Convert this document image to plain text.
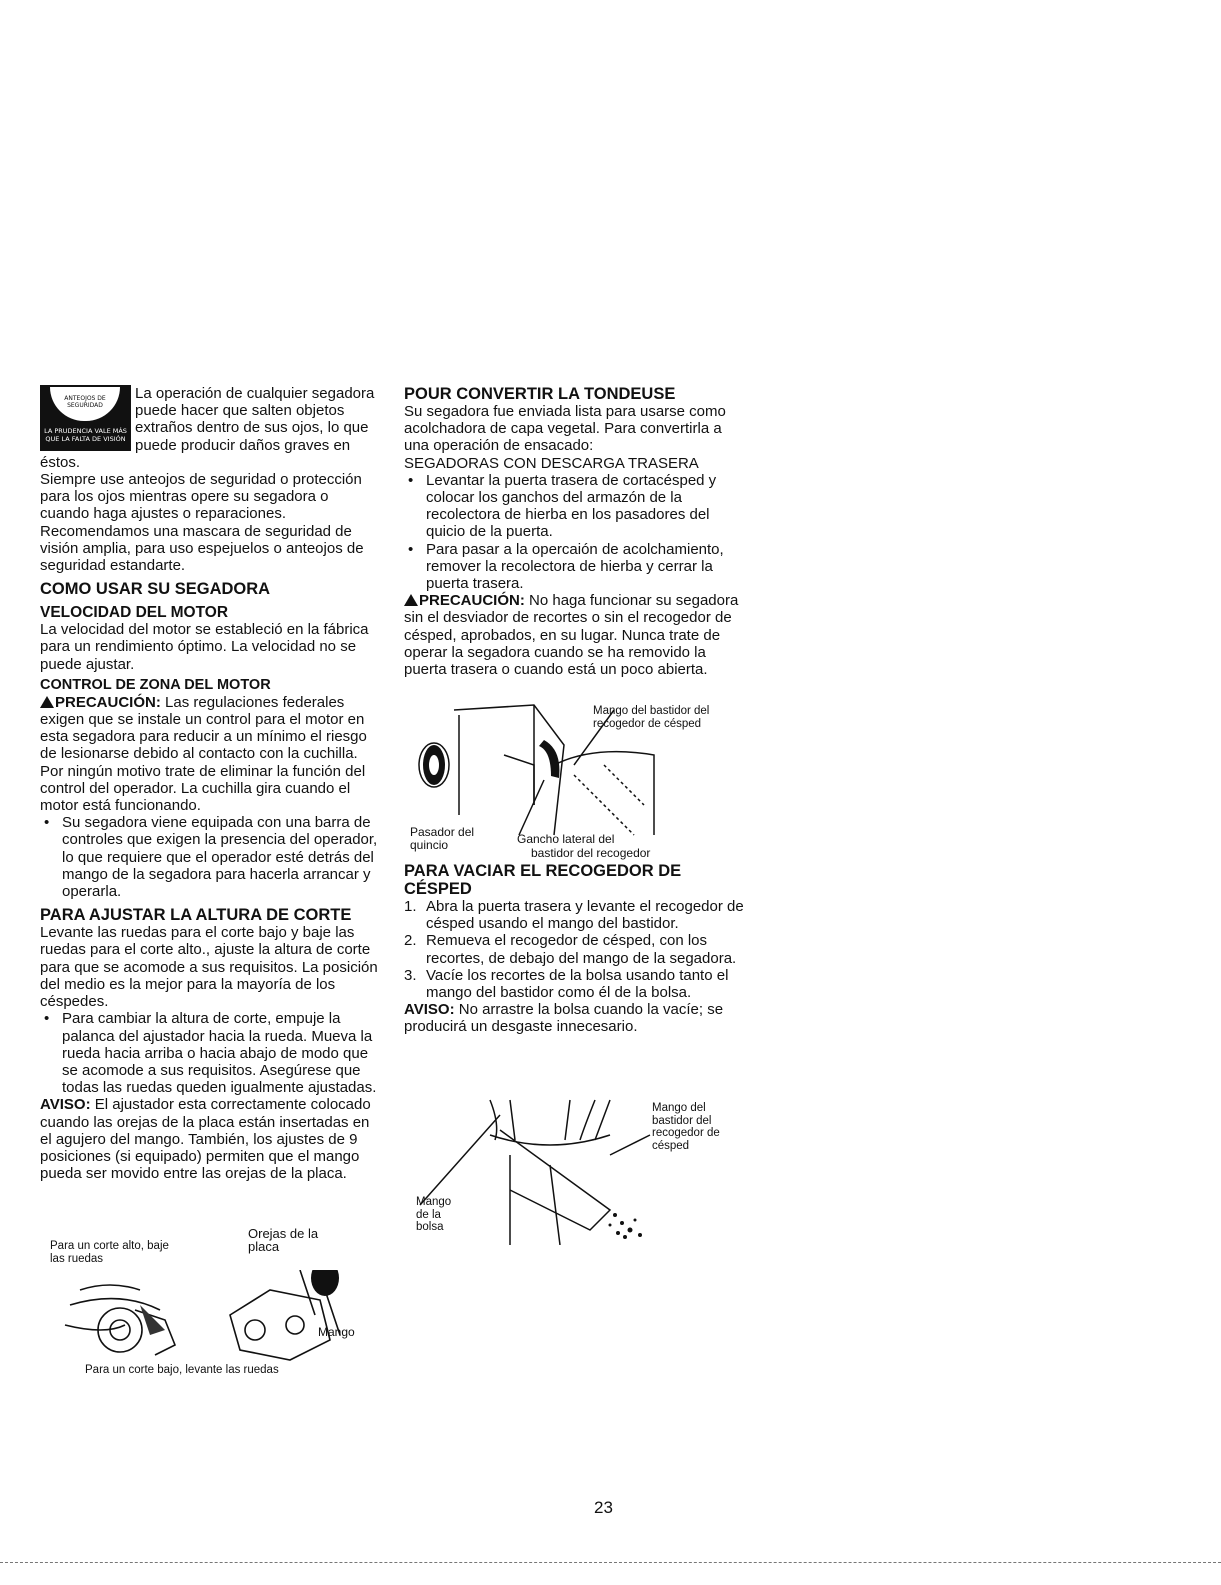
ANTEOJOS DE SEGURIDAD
USE SUS
LA PRUDENCIA VALE MÁS QUE LA FALTA DE VISIÓN

La operación de cualquier segadora puede hacer que salten objetos extraños dentro de sus ojos, lo que puede producir daños graves en éstos.

Siempre use anteojos de seguridad o protección para los ojos mientras opere su segadora o cuando haga ajustes o reparaciones. Recomendamos una mascara de seguridad de visión amplia, para uso espejuelos o anteojos de seguridad estandarte.

COMO USAR SU SEGADORA
VELOCIDAD DEL MOTOR

La velocidad del motor se estableció en la fábrica para un rendimiento óptimo. La velocidad no se puede ajustar.

CONTROL DE ZONA DEL MOTOR

PRECAUCIÓN: Las regulaciones federales exigen que se instale un control para el motor en esta segadora para reducir a un mínimo el riesgo de lesionarse debido al contacto con la cuchilla. Por ningún motivo trate de eliminar la función del control del operador. La cuchilla gira cuando el motor está funcionando.

• Su segadora viene equipada con una barra de controles que exigen la presencia del operador, lo que requiere que el operador esté detrás del mango de la segadora para hacerla arrancar y operarla.
PARA AJUSTAR LA ALTURA DE CORTE

Levante las ruedas para el corte bajo y baje las ruedas para el corte alto., ajuste la altura de corte para que se acomode a sus requisitos. La posición del medio es la mejor para la mayoría de los céspedes.

• Para cambiar la altura de corte, empuje la palanca del ajustador hacia la rueda. Mueva la rueda hacia arriba o hacia abajo de modo que se acomode a sus requisitos. Asegúrese que todas las ruedas queden igualmente ajustadas.

AVISO: El ajustador esta correctamente colocado cuando las orejas de la placa están insertadas en el agujero del mango. También, los ajustes de 9 posiciones (si equipado) permiten que el mango pueda ser movido entre las orejas de la placa.

Orejas de la placa
Para un corte alto, baje las ruedas
Mango
Para un corte bajo, levante las ruedas
POUR CONVERTIR LA TONDEUSE

Su segadora fue enviada lista para usarse como acolchadora de capa vegetal. Para convertirla a una operación de ensacado:

SEGADORAS CON DESCARGA TRASERA

• Levantar la puerta trasera de cortacésped y colocar los ganchos del armazón de la recolectora de hierba en los pasadores del quicio de la puerta.
• Para pasar a la opercaión de acolchamiento, remover la recolectora de hierba y cerrar la puerta trasera.

PRECAUCIÓN: No haga funcionar su segadora sin el desviador de recortes o sin el recogedor de césped, aprobados, en su lugar. Nunca trate de operar la segadora cuando se ha removido la puerta trasera o cuando está un poco abierta.

Mango del bastidor del recogedor de césped
Pasador del quincio	Gancho lateral del
bastidor del recogedor
PARA VACIAR EL RECOGEDOR DE CÉSPED
1. Abra la puerta trasera y levante el recogedor de césped usando el mango del bastidor.
2. Remueva el recogedor de césped, con los recortes, de debajo del mango de la segadora.
3. Vacíe los recortes de la bolsa usando tanto el mango del bastidor como él de la bolsa.

AVISO: No arrastre la bolsa cuando la vacíe; se producirá un desgaste innecesario.

Mango del bastidor del recogedor de césped
Mango de la bolsa
23
